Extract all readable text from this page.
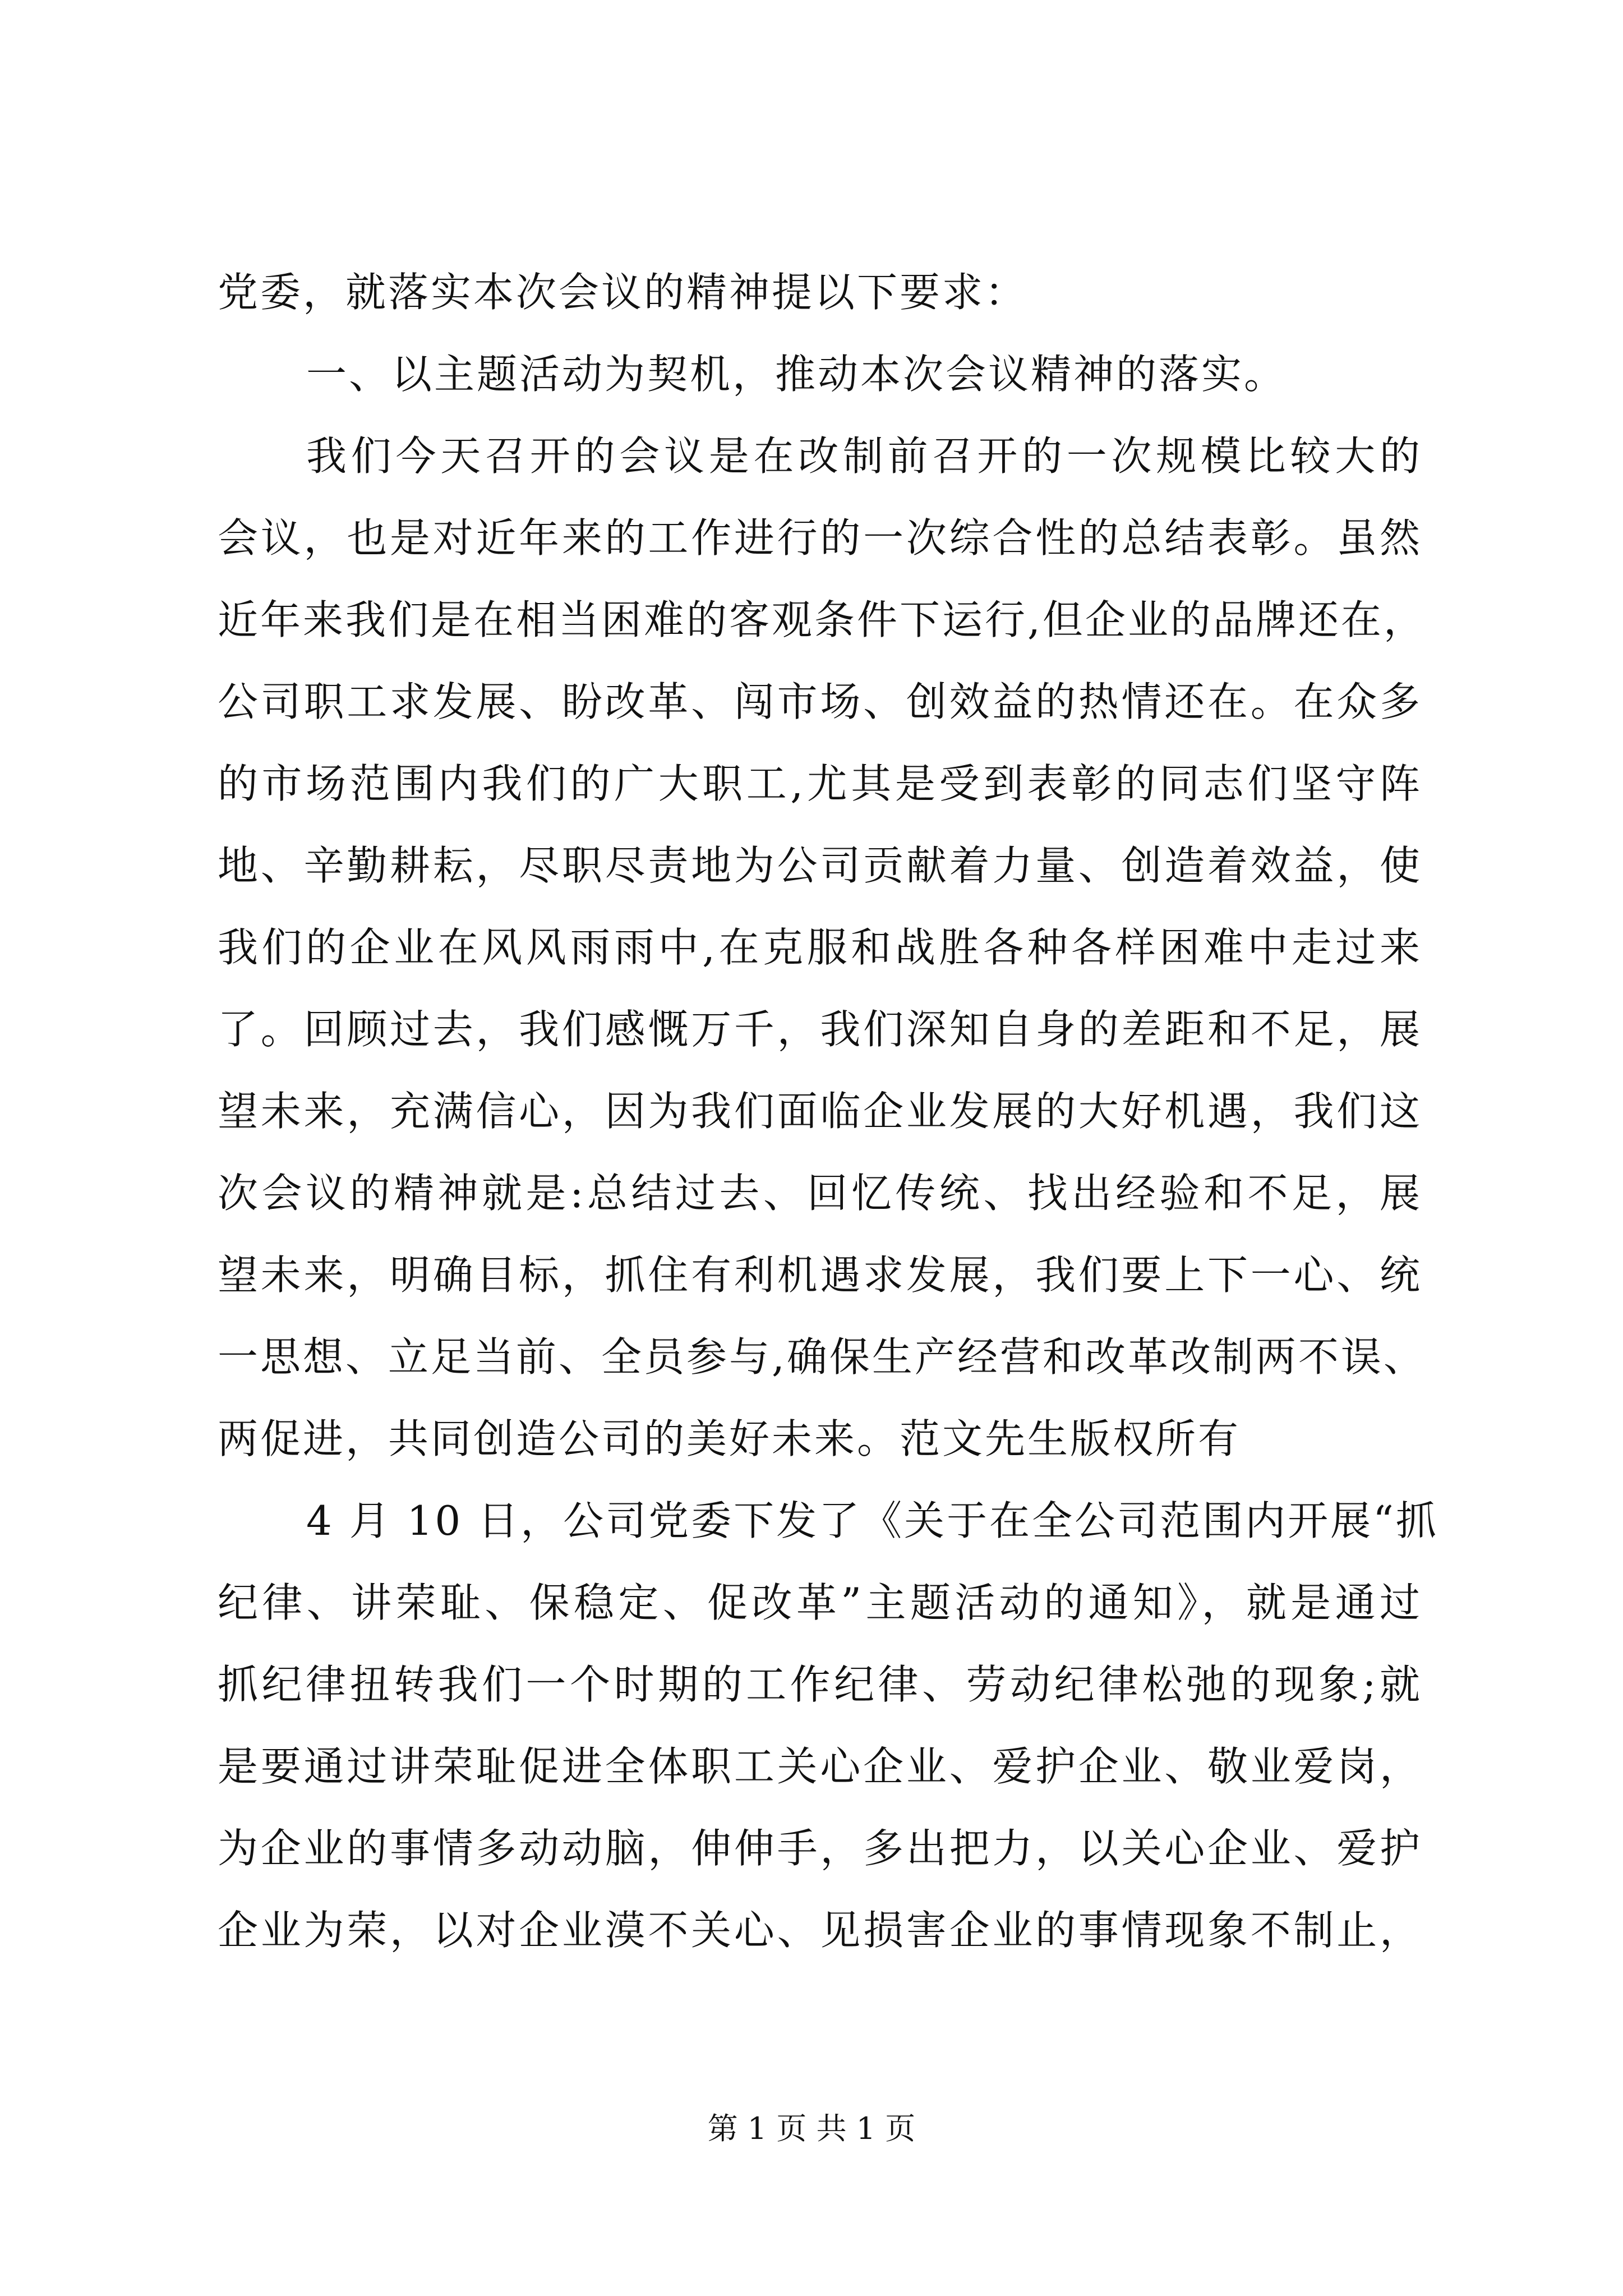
党委，就落实本次会议的精神提以下要求：
一、以主题活动为契机，推动本次会议精神的落实。
我们今天召开的会议是在改制前召开的一次规模比较大的
会议，也是对近年来的工作进行的一次综合性的总结表彰。虽然
近年来我们是在相当困难的客观条件下运行,但企业的品牌还在，
公司职工求发展、盼改革、闯市场、创效益的热情还在。在众多
的市场范围内我们的广大职工,尤其是受到表彰的同志们坚守阵
地、辛勤耕耘，尽职尽责地为公司贡献着力量、创造着效益，使
我们的企业在风风雨雨中,在克服和战胜各种各样困难中走过来
了。回顾过去，我们感慨万千，我们深知自身的差距和不足，展
望未来，充满信心，因为我们面临企业发展的大好机遇，我们这
次会议的精神就是:总结过去、回忆传统、找出经验和不足，展
望未来，明确目标，抓住有利机遇求发展，我们要上下一心、统
一思想、立足当前、全员参与,确保生产经营和改革改制两不误、
两促进，共同创造公司的美好未来。范文先生版权所有
4 月 10 日，公司党委下发了《关于在全公司范围内开展“抓
纪律、讲荣耻、保稳定、促改革”主题活动的通知》，就是通过
抓纪律扭转我们一个时期的工作纪律、劳动纪律松弛的现象;就
是要通过讲荣耻促进全体职工关心企业、爱护企业、敬业爱岗，
为企业的事情多动动脑，伸伸手，多出把力，以关心企业、爱护
企业为荣，以对企业漠不关心、见损害企业的事情现象不制止，
第 1 页 共 1 页
